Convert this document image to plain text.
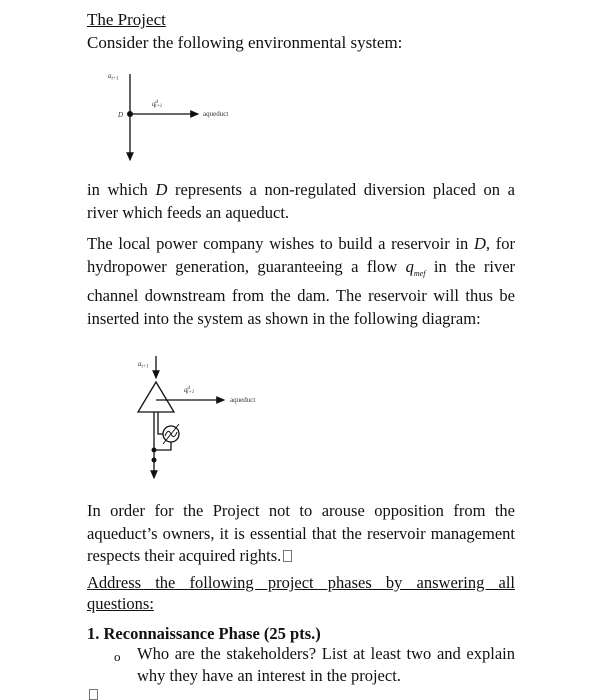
The Project
Consider the following environmental system:
$a_{t+1}$
$q^d$ t+1
D	aqueduct
in which D represents a non-regulated diversion placed on a river which feeds an aqueduct.
The local power company wishes to build a reservoir in D, for hydropower generation, guaranteeing a flow $q_{mef}$ in the river channel downstream from the dam. The reservoir will thus be inserted into the system as shown in the following diagram:
$a_{t+1}$
$q^d$ t+1
aqueduct
In order for the Project not to arouse opposition from the aqueduct’s owners, it is essential that the reservoir management respects their acquired rights.
Address the following project phases by answering all questions:
1. Reconnaissance Phase (25 pts.)
o Who are the stakeholders? List at least two and explain why they have an interest in the project.
